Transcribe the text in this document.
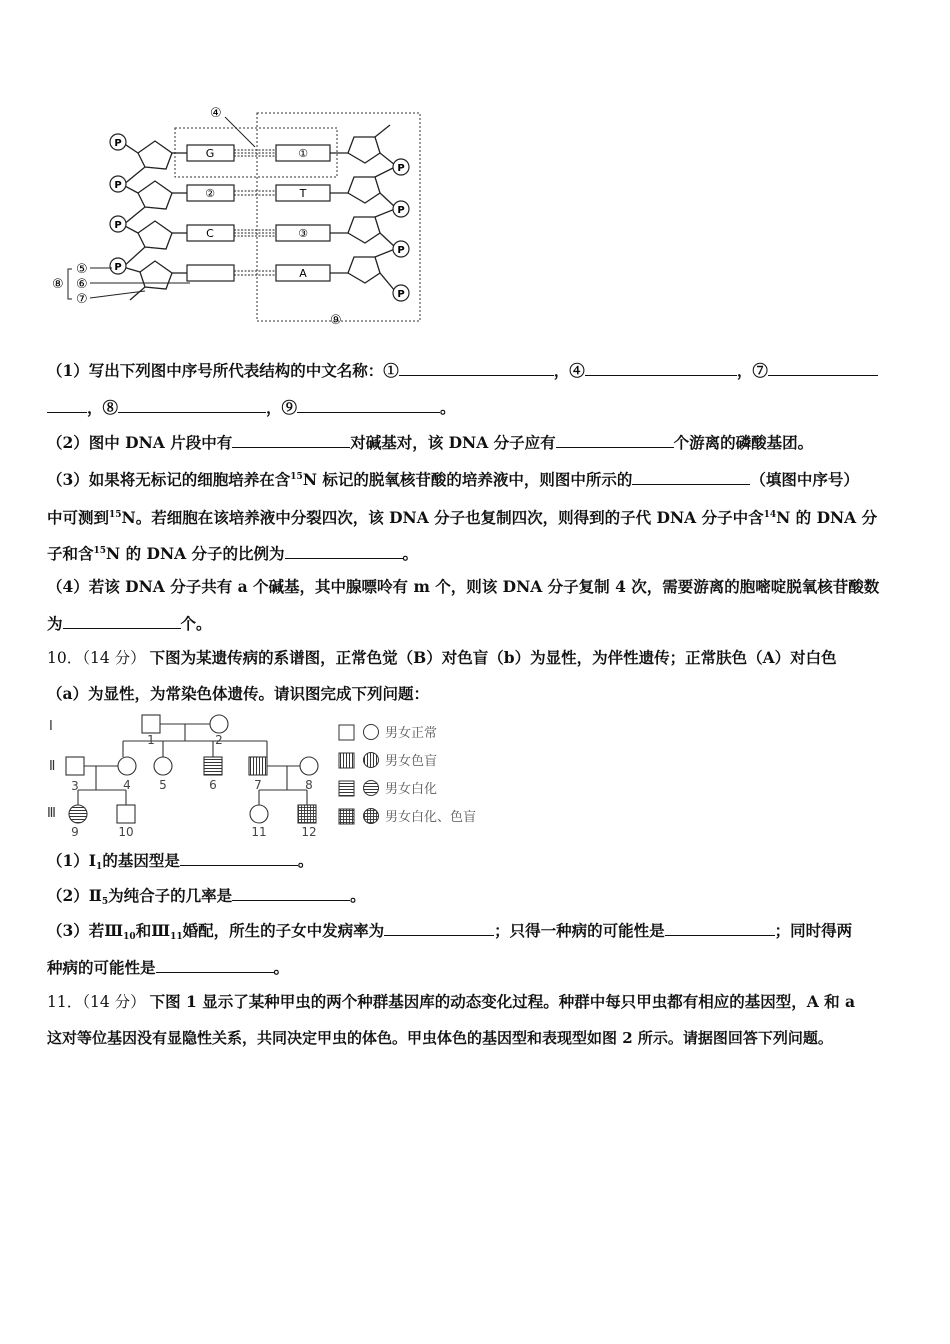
P
P
P
P
G
②
C
①
T
③
A
P
P
P
P
④
⑨
⑤
⑥
⑦
⑧
（1）写出下列图中序号所代表结构的中文名称：①	，④	，⑦
，⑧	，⑨	。
（2）图中 DNA 片段中有	对碱基对，该 DNA 分子应有	个游离的磷酸基团。
（3）如果将无标记的细胞培养在含$^{15}$N 标记的脱氧核苷酸的培养液中，则图中所示的	（填图中序号）
中可测到$^{15}$N。若细胞在该培养液中分裂四次，该 DNA 分子也复制四次，则得到的子代 DNA 分子中含$^{14}$N 的 DNA 分
子和含$^{15}$N 的 DNA 分子的比例为	。
（4）若该 DNA 分子共有 a 个碱基，其中腺嘌呤有 m 个，则该 DNA 分子复制 4 次，需要游离的胞嘧啶脱氧核苷酸数
为	个。
10．（14 分） 下图为某遗传病的系谱图，正常色觉（B）对色盲（b）为显性，为伴性遗传；正常肤色（A）对白色
（a）为显性，为常染色体遗传。请识图完成下列问题：
Ⅰ
Ⅱ
Ⅲ
1	2
3	4 5	6	7	8
9	10	11	12
男女正常
男女色盲
男女白化
男女白化、色盲
$(1)Ⅰ_1$的基因型是	。
$(2)Ⅱ_5$为纯合子的几率是	。
（3）若$Ⅲ_{10}$和$Ⅲ_{11}$婚配，所生的子女中发病率为	；只得一种病的可能性是	；同时得两
种病的可能性是	。
11．（14 分） 下图 1 显示了某种甲虫的两个种群基因库的动态变化过程。种群中每只甲虫都有相应的基因型，A 和 a
这对等位基因没有显隐性关系，共同决定甲虫的体色。甲虫体色的基因型和表现型如图 2 所示。请据图回答下列问题。
